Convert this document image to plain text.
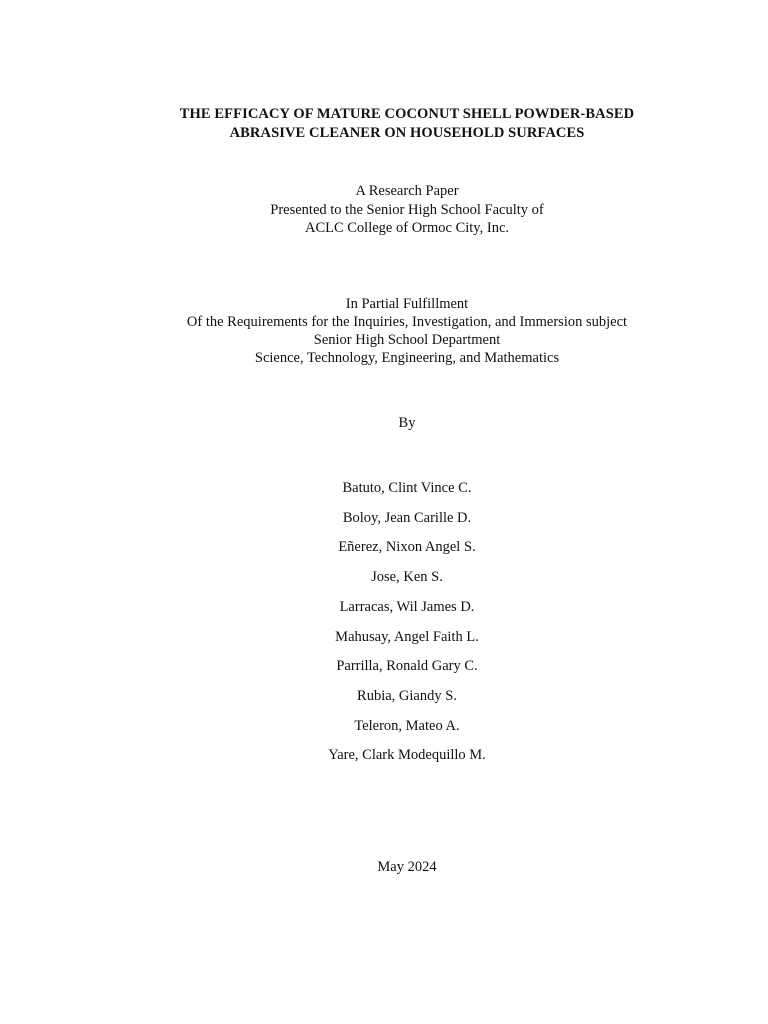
THE EFFICACY OF MATURE COCONUT SHELL POWDER-BASED
ABRASIVE CLEANER ON HOUSEHOLD SURFACES
A Research Paper
Presented to the Senior High School Faculty of
ACLC College of Ormoc City, Inc.
In Partial Fulfillment
Of the Requirements for the Inquiries, Investigation, and Immersion subject
Senior High School Department
Science, Technology, Engineering, and Mathematics
By
Batuto, Clint Vince C.
Boloy, Jean Carille D.
Eñerez, Nixon Angel S.
Jose, Ken S.
Larracas, Wil James D.
Mahusay, Angel Faith L.
Parrilla, Ronald Gary C.
Rubia, Giandy S.
Teleron, Mateo A.
Yare, Clark Modequillo M.
May 2024
